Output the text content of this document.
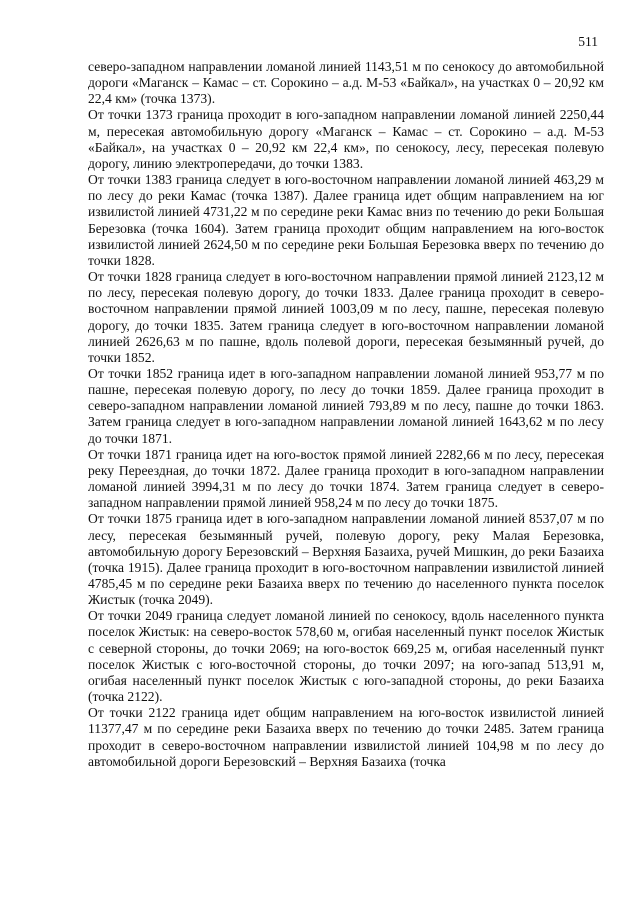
511

северо-западном направлении ломаной линией 1143,51 м по сенокосу до автомобильной дороги «Маганск – Камас – ст. Сорокино – а.д. М-53 «Байкал», на участках 0 – 20,92 км 22,4 км» (точка 1373).

От точки 1373 граница проходит в юго-западном направлении ломаной линией 2250,44 м, пересекая автомобильную дорогу «Маганск – Камас – ст. Сорокино – а.д. М-53 «Байкал», на участках 0 – 20,92 км 22,4 км», по сенокосу, лесу, пересекая полевую дорогу, линию электропередачи, до точки 1383.

От точки 1383 граница следует в юго-восточном направлении ломаной линией 463,29 м по лесу до реки Камас (точка 1387). Далее граница идет общим направлением на юг извилистой линией 4731,22 м по середине реки Камас вниз по течению до реки Большая Березовка (точка 1604). Затем граница проходит общим направлением на юго-восток извилистой линией 2624,50 м по середине реки Большая Березовка вверх по течению до точки 1828.

От точки 1828 граница следует в юго-восточном направлении прямой линией 2123,12 м по лесу, пересекая полевую дорогу, до точки 1833. Далее граница проходит в северо-восточном направлении прямой линией 1003,09 м по лесу, пашне, пересекая полевую дорогу, до точки 1835. Затем граница следует в юго-восточном направлении ломаной линией 2626,63 м по пашне, вдоль полевой дороги, пересекая безымянный ручей, до точки 1852.

От точки 1852 граница идет в юго-западном направлении ломаной линией 953,77 м по пашне, пересекая полевую дорогу, по лесу до точки 1859. Далее граница проходит в северо-западном направлении ломаной линией 793,89 м по лесу, пашне до точки 1863. Затем граница следует в юго-западном направлении ломаной линией 1643,62 м по лесу до точки 1871.

От точки 1871 граница идет на юго-восток прямой линией 2282,66 м по лесу, пересекая реку Переездная, до точки 1872. Далее граница проходит в юго-западном направлении ломаной линией 3994,31 м по лесу до точки 1874. Затем граница следует в северо-западном направлении прямой линией 958,24 м по лесу до точки 1875.

От точки 1875 граница идет в юго-западном направлении ломаной линией 8537,07 м по лесу, пересекая безымянный ручей, полевую дорогу, реку Малая Березовка, автомобильную дорогу Березовский – Верхняя Базаиха, ручей Мишкин, до реки Базаиха (точка 1915). Далее граница проходит в юго-восточном направлении извилистой линией 4785,45 м по середине реки Базаиха вверх по течению до населенного пункта поселок Жистык (точка 2049).

От точки 2049 граница следует ломаной линией по сенокосу, вдоль населенного пункта поселок Жистык: на северо-восток 578,60 м, огибая населенный пункт поселок Жистык с северной стороны, до точки 2069; на юго-восток 669,25 м, огибая населенный пункт поселок Жистык с юго-восточной стороны, до точки 2097; на юго-запад 513,91 м, огибая населенный пункт поселок Жистык с юго-западной стороны, до реки Базаиха (точка 2122).

От точки 2122 граница идет общим направлением на юго-восток извилистой линией 11377,47 м по середине реки Базаиха вверх по течению до точки 2485. Затем граница проходит в северо-восточном направлении извилистой линией 104,98 м по лесу до автомобильной дороги Березовский – Верхняя Базаиха (точка
